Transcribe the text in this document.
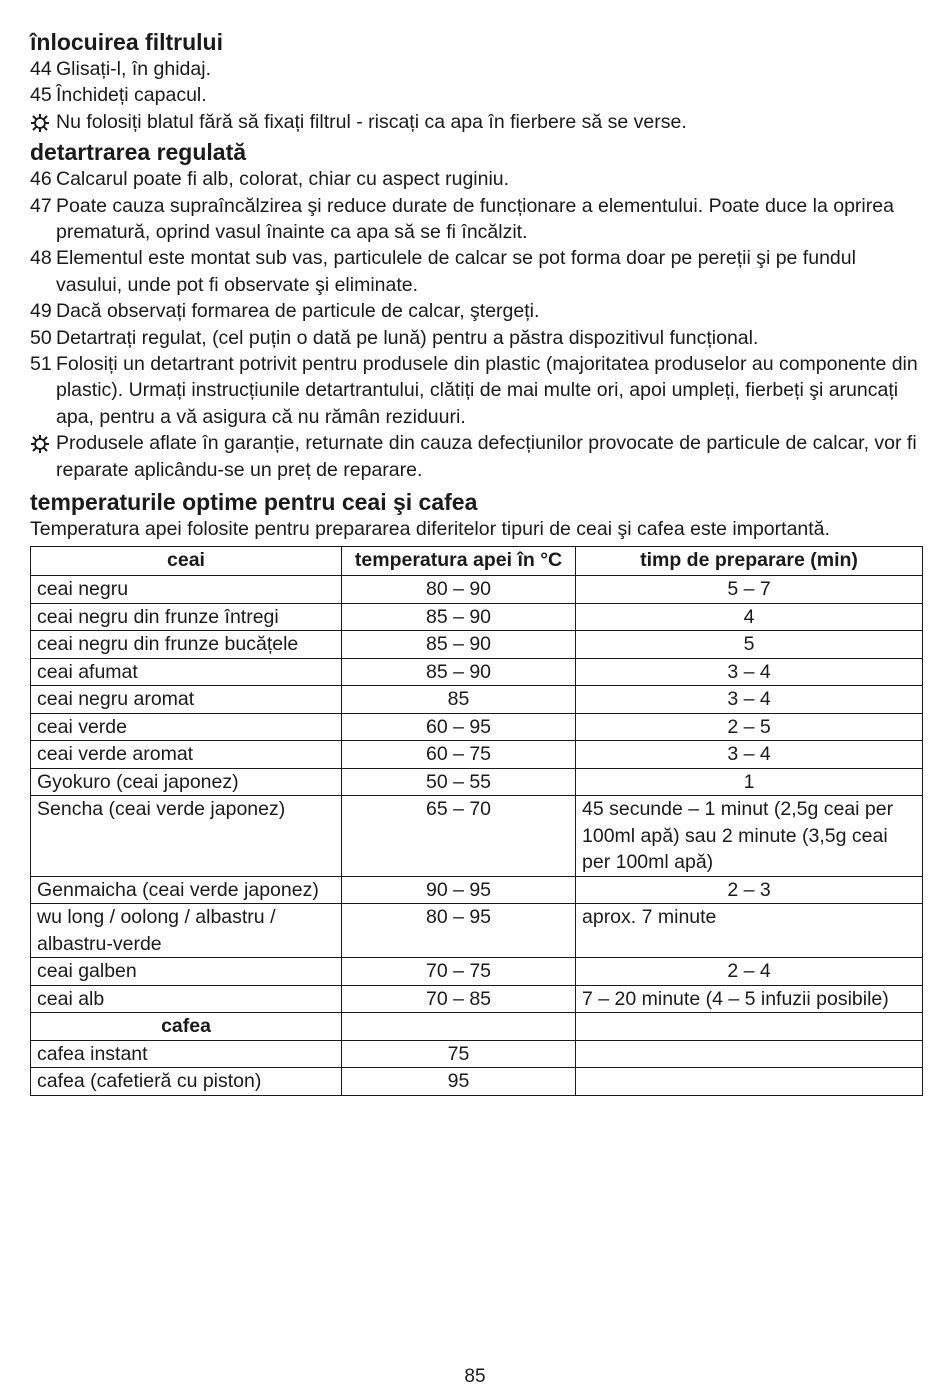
înlocuirea filtrului
44 Glisați-l, în ghidaj.
45 Închideți capacul.
Nu folosiți blatul fără să fixați filtrul - riscați ca apa în fierbere să se verse.
detartrarea regulată
46 Calcarul poate fi alb, colorat, chiar cu aspect ruginiu.
47 Poate cauza supraîncălzirea şi reduce durate de funcționare a elementului. Poate duce la oprirea prematură, oprind vasul înainte ca apa să se fi încălzit.
48 Elementul este montat sub vas, particulele de calcar se pot forma doar pe pereții şi pe fundul vasului, unde pot fi observate şi eliminate.
49 Dacă observați formarea de particule de calcar, ştergeți.
50 Detartrați regulat, (cel puțin o dată pe lună) pentru a păstra dispozitivul funcțional.
51 Folosiți un detartrant potrivit pentru produsele din plastic (majoritatea produselor au componente din plastic). Urmați instrucțiunile detartrantului, clătiți de mai multe ori, apoi umpleți, fierbeți şi aruncați apa, pentru a vă asigura că nu rămân reziduuri.
Produsele aflate în garanție, returnate din cauza defecțiunilor provocate de particule de calcar, vor fi reparate aplicându-se un preț de reparare.
temperaturile optime pentru ceai şi cafea

Temperatura apei folosite pentru prepararea diferitelor tipuri de ceai şi cafea este importantă.

ceai	temperatura apei în °C	timp de preparare (min)
ceai negru	80 – 90	5 – 7
ceai negru din frunze întregi	85 – 90	4
ceai negru din frunze bucățele	85 – 90	5
ceai afumat	85 – 90	3 – 4
ceai negru aromat	85	3 – 4
ceai verde	60 – 95	2 – 5
ceai verde aromat	60 – 75	3 – 4
Gyokuro (ceai japonez)	50 – 55	1
Sencha (ceai verde japonez)	65 – 70	45 secunde – 1 minut (2,5g ceai per 100ml apă) sau 2 minute (3,5g ceai per 100ml apă)
Genmaicha (ceai verde japonez)	90 – 95	2 – 3
wu long / oolong / albastru / albastru-verde	80 – 95	aprox. 7 minute
ceai galben	70 – 75	2 – 4
ceai alb	70 – 85	7 – 20 minute (4 – 5 infuzii posibile)
cafea		
cafea instant	75	
cafea (cafetieră cu piston)	95	
85
